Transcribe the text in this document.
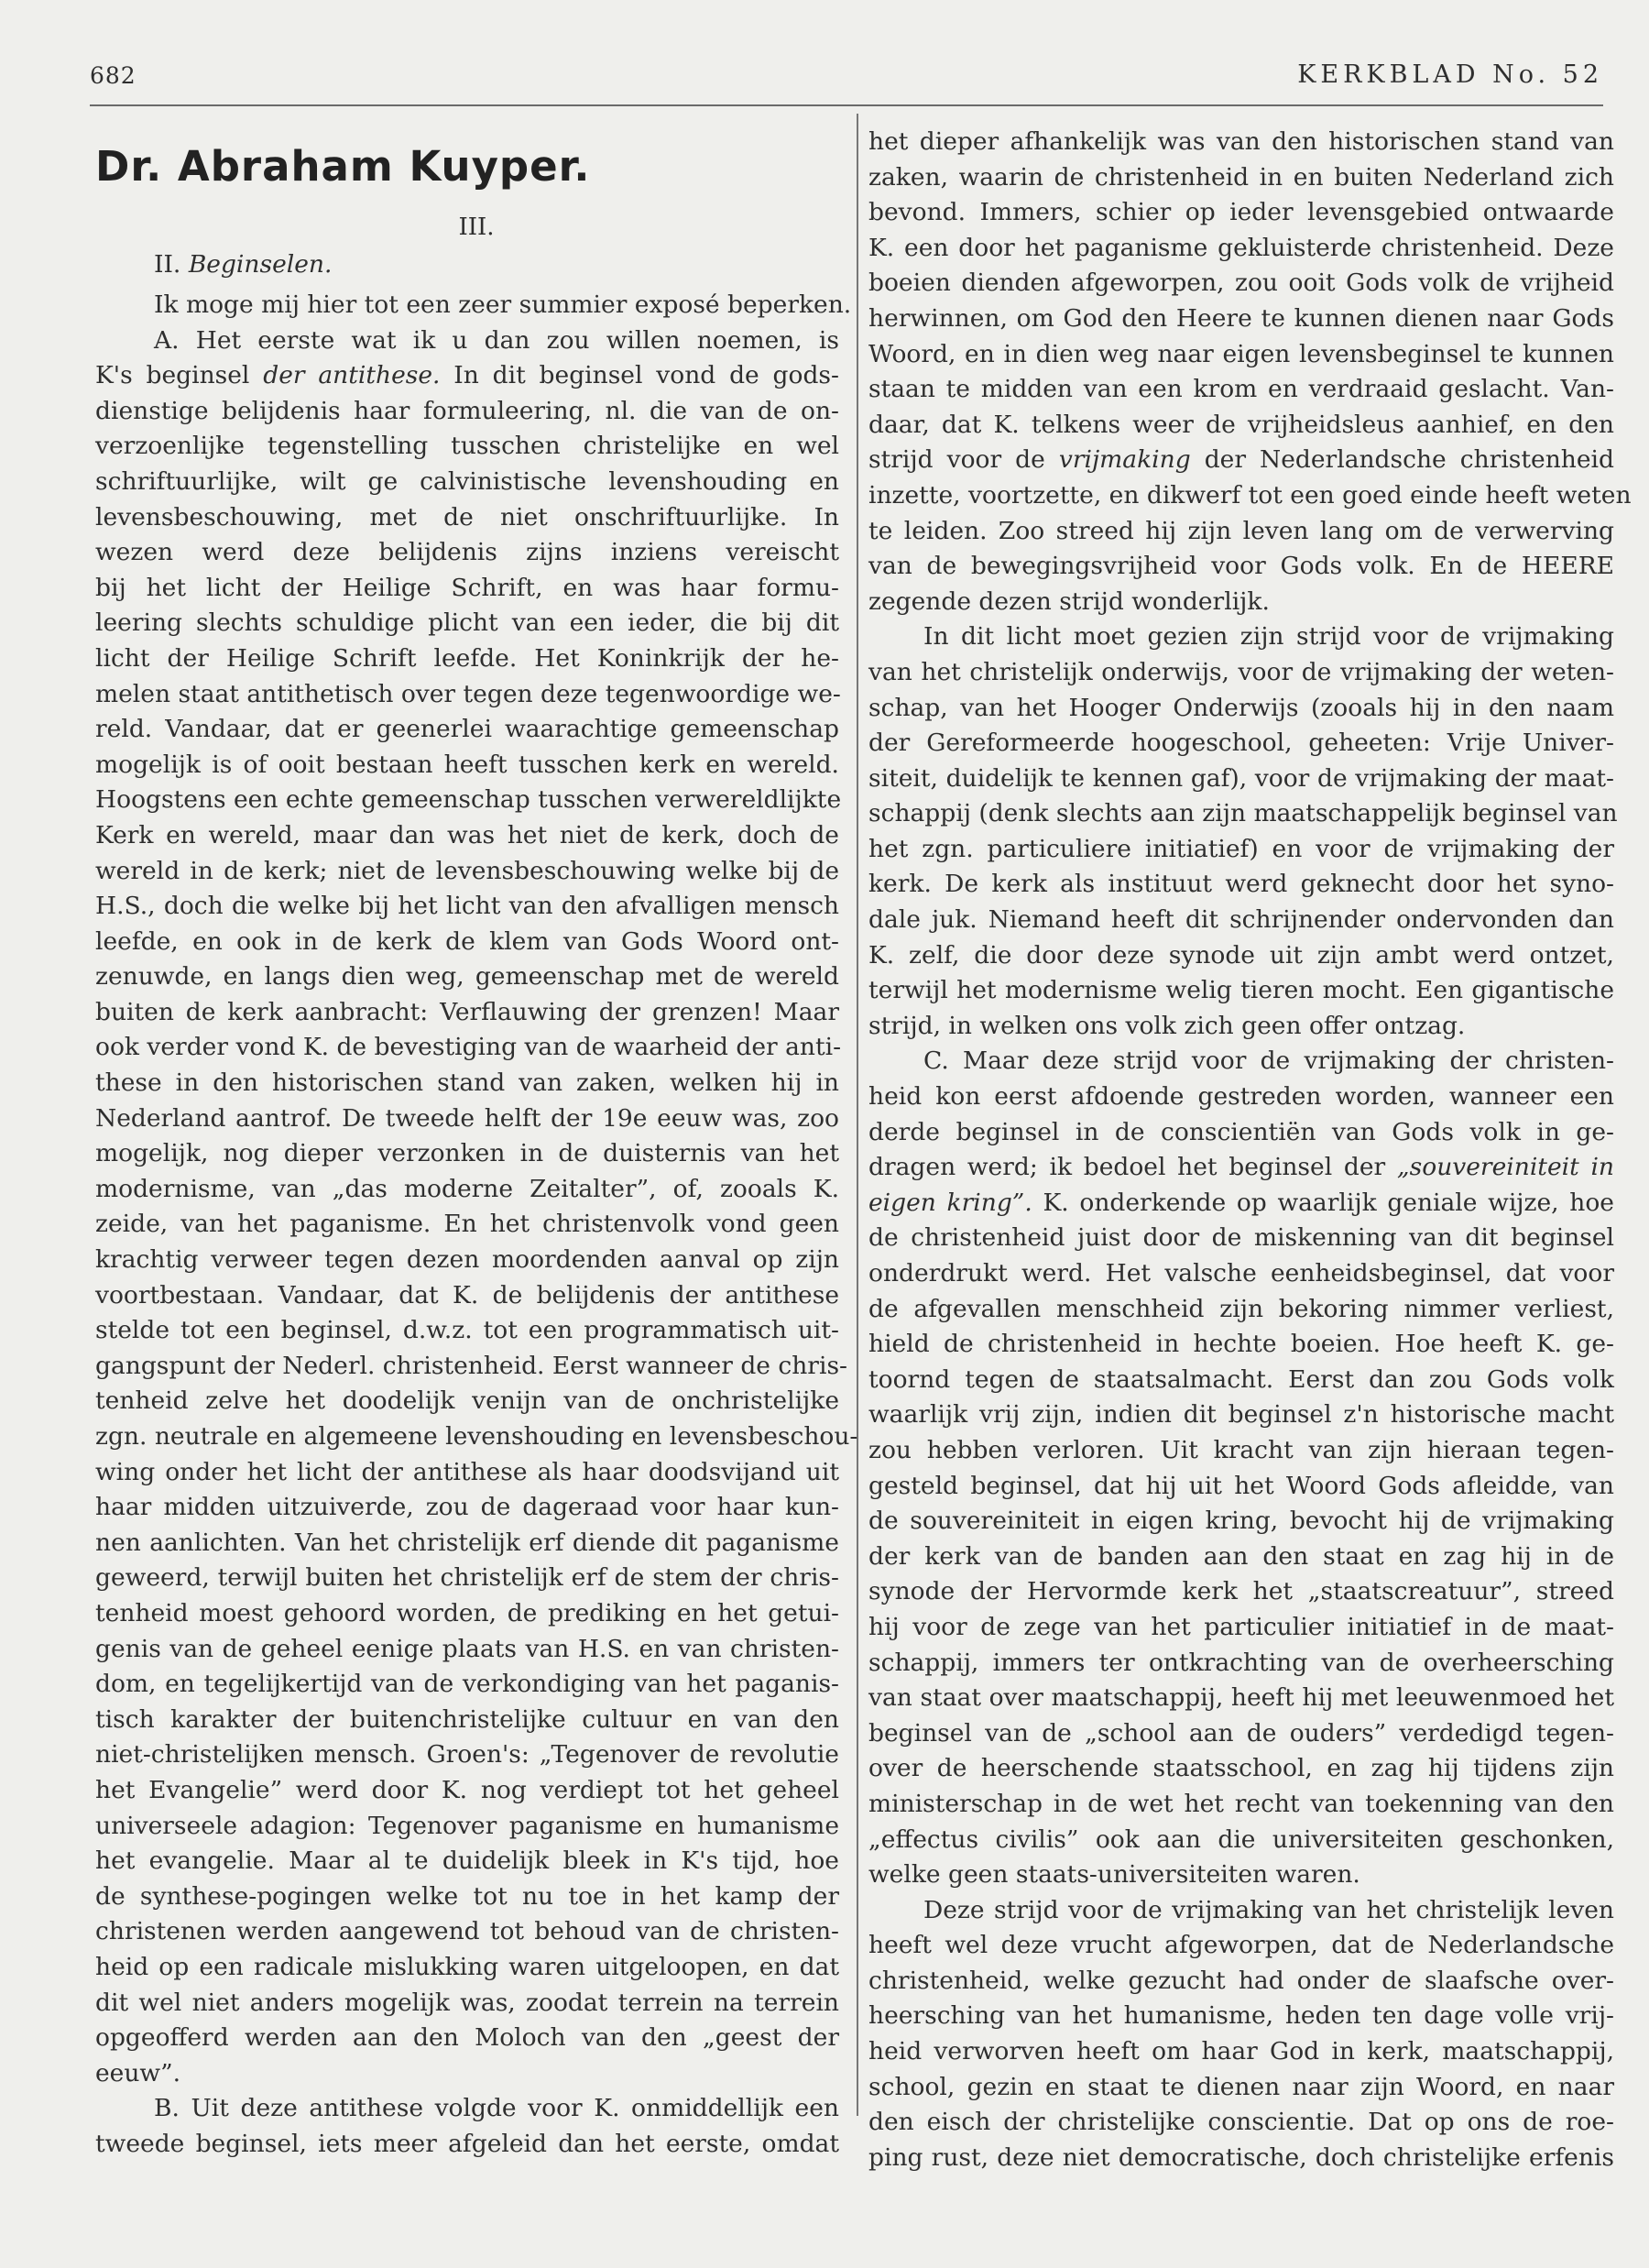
682	KERKBLAD No. 52
Dr. Abraham Kuyper.
III.
II. Beginselen.
Ik moge mij hier tot een zeer summier exposé beperken.
A. Het eerste wat ik u dan zou willen noemen, is
K's beginsel der antithese. In dit beginsel vond de gods-
dienstige belijdenis haar formuleering, nl. die van de on-
verzoenlijke tegenstelling tusschen christelijke en wel
schriftuurlijke, wilt ge calvinistische levenshouding en
levensbeschouwing, met de niet onschriftuurlijke. In
wezen werd deze belijdenis zijns inziens vereischt
bij het licht der Heilige Schrift, en was haar formu-
leering slechts schuldige plicht van een ieder, die bij dit
licht der Heilige Schrift leefde. Het Koninkrijk der he-
melen staat antithetisch over tegen deze tegenwoordige we-
reld. Vandaar, dat er geenerlei waarachtige gemeenschap
mogelijk is of ooit bestaan heeft tusschen kerk en wereld.
Hoogstens een echte gemeenschap tusschen verwereldlijkte
Kerk en wereld, maar dan was het niet de kerk, doch de
wereld in de kerk; niet de levensbeschouwing welke bij de
H.S., doch die welke bij het licht van den afvalligen mensch
leefde, en ook in de kerk de klem van Gods Woord ont-
zenuwde, en langs dien weg, gemeenschap met de wereld
buiten de kerk aanbracht: Verflauwing der grenzen! Maar
ook verder vond K. de bevestiging van de waarheid der anti-
these in den historischen stand van zaken, welken hij in
Nederland aantrof. De tweede helft der 19e eeuw was, zoo
mogelijk, nog dieper verzonken in de duisternis van het
modernisme, van „das moderne Zeitalter”, of, zooals K.
zeide, van het paganisme. En het christenvolk vond geen
krachtig verweer tegen dezen moordenden aanval op zijn
voortbestaan. Vandaar, dat K. de belijdenis der antithese
stelde tot een beginsel, d.w.z. tot een programmatisch uit-
gangspunt der Nederl. christenheid. Eerst wanneer de chris-
tenheid zelve het doodelijk venijn van de onchristelijke
zgn. neutrale en algemeene levenshouding en levensbeschou-
wing onder het licht der antithese als haar doodsvijand uit
haar midden uitzuiverde, zou de dageraad voor haar kun-
nen aanlichten. Van het christelijk erf diende dit paganisme
geweerd, terwijl buiten het christelijk erf de stem der chris-
tenheid moest gehoord worden, de prediking en het getui-
genis van de geheel eenige plaats van H.S. en van christen-
dom, en tegelijkertijd van de verkondiging van het paganis-
tisch karakter der buitenchristelijke cultuur en van den
niet-christelijken mensch. Groen's: „Tegenover de revolutie
het Evangelie” werd door K. nog verdiept tot het geheel
universeele adagion: Tegenover paganisme en humanisme
het evangelie. Maar al te duidelijk bleek in K's tijd, hoe
de synthese-pogingen welke tot nu toe in het kamp der
christenen werden aangewend tot behoud van de christen-
heid op een radicale mislukking waren uitgeloopen, en dat
dit wel niet anders mogelijk was, zoodat terrein na terrein
opgeofferd werden aan den Moloch van den „geest der
eeuw”.
B. Uit deze antithese volgde voor K. onmiddellijk een
tweede beginsel, iets meer afgeleid dan het eerste, omdat
het dieper afhankelijk was van den historischen stand van
zaken, waarin de christenheid in en buiten Nederland zich
bevond. Immers, schier op ieder levensgebied ontwaarde
K. een door het paganisme gekluisterde christenheid. Deze
boeien dienden afgeworpen, zou ooit Gods volk de vrijheid
herwinnen, om God den Heere te kunnen dienen naar Gods
Woord, en in dien weg naar eigen levensbeginsel te kunnen
staan te midden van een krom en verdraaid geslacht. Van-
daar, dat K. telkens weer de vrijheidsleus aanhief, en den
strijd voor de vrijmaking der Nederlandsche christenheid
inzette, voortzette, en dikwerf tot een goed einde heeft weten
te leiden. Zoo streed hij zijn leven lang om de verwerving
van de bewegingsvrijheid voor Gods volk. En de HEERE
zegende dezen strijd wonderlijk.
In dit licht moet gezien zijn strijd voor de vrijmaking
van het christelijk onderwijs, voor de vrijmaking der weten-
schap, van het Hooger Onderwijs (zooals hij in den naam
der Gereformeerde hoogeschool, geheeten: Vrije Univer-
siteit, duidelijk te kennen gaf), voor de vrijmaking der maat-
schappij (denk slechts aan zijn maatschappelijk beginsel van
het zgn. particuliere initiatief) en voor de vrijmaking der
kerk. De kerk als instituut werd geknecht door het syno-
dale juk. Niemand heeft dit schrijnender ondervonden dan
K. zelf, die door deze synode uit zijn ambt werd ontzet,
terwijl het modernisme welig tieren mocht. Een gigantische
strijd, in welken ons volk zich geen offer ontzag.
C. Maar deze strijd voor de vrijmaking der christen-
heid kon eerst afdoende gestreden worden, wanneer een
derde beginsel in de conscientiën van Gods volk in ge-
dragen werd; ik bedoel het beginsel der „souvereiniteit in
eigen kring”. K. onderkende op waarlijk geniale wijze, hoe
de christenheid juist door de miskenning van dit beginsel
onderdrukt werd. Het valsche eenheidsbeginsel, dat voor
de afgevallen menschheid zijn bekoring nimmer verliest,
hield de christenheid in hechte boeien. Hoe heeft K. ge-
toornd tegen de staatsalmacht. Eerst dan zou Gods volk
waarlijk vrij zijn, indien dit beginsel z'n historische macht
zou hebben verloren. Uit kracht van zijn hieraan tegen-
gesteld beginsel, dat hij uit het Woord Gods afleidde, van
de souvereiniteit in eigen kring, bevocht hij de vrijmaking
der kerk van de banden aan den staat en zag hij in de
synode der Hervormde kerk het „staatscreatuur”, streed
hij voor de zege van het particulier initiatief in de maat-
schappij, immers ter ontkrachting van de overheersching
van staat over maatschappij, heeft hij met leeuwenmoed het
beginsel van de „school aan de ouders” verdedigd tegen-
over de heerschende staatsschool, en zag hij tijdens zijn
ministerschap in de wet het recht van toekenning van den
„effectus civilis” ook aan die universiteiten geschonken,
welke geen staats-universiteiten waren.
Deze strijd voor de vrijmaking van het christelijk leven
heeft wel deze vrucht afgeworpen, dat de Nederlandsche
christenheid, welke gezucht had onder de slaafsche over-
heersching van het humanisme, heden ten dage volle vrij-
heid verworven heeft om haar God in kerk, maatschappij,
school, gezin en staat te dienen naar zijn Woord, en naar
den eisch der christelijke conscientie. Dat op ons de roe-
ping rust, deze niet democratische, doch christelijke erfenis
